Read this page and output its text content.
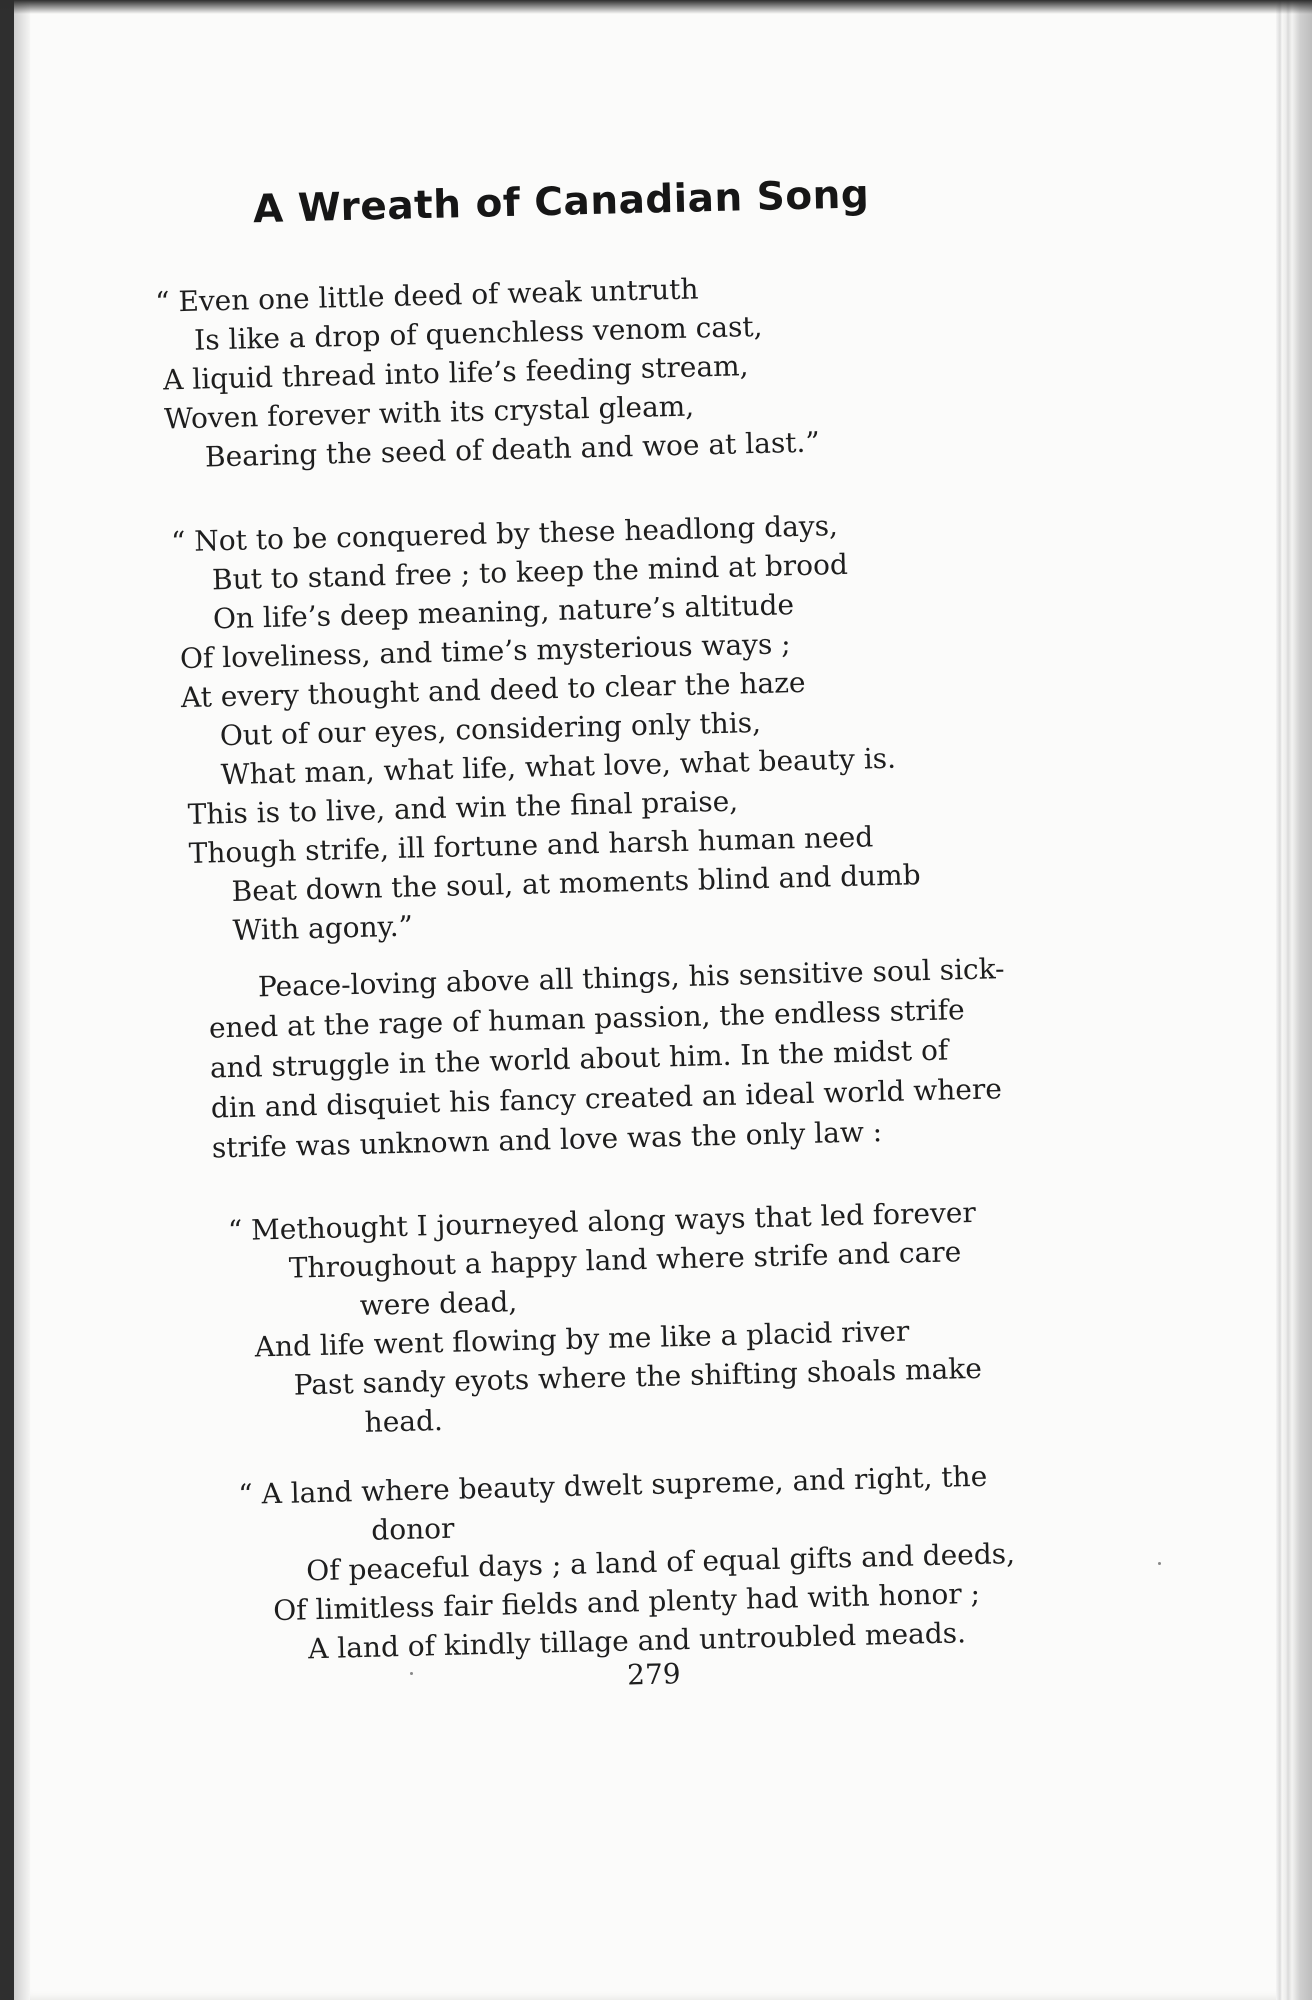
A Wreath of Canadian Song
“ Even one little deed of weak untruth
Is like a drop of quenchless venom cast,
A liquid thread into life’s feeding stream,
Woven forever with its crystal gleam,
Bearing the seed of death and woe at last.”
“ Not to be conquered by these headlong days,
But to stand free ; to keep the mind at brood
On life’s deep meaning, nature’s altitude
Of loveliness, and time’s mysterious ways ;
At every thought and deed to clear the haze
Out of our eyes, considering only this,
What man, what life, what love, what beauty is.
This is to live, and win the final praise,
Though strife, ill fortune and harsh human need
Beat down the soul, at moments blind and dumb
With agony.”
Peace-loving above all things, his sensitive soul sick-
ened at the rage of human passion, the endless strife
and struggle in the world about him. In the midst of
din and disquiet his fancy created an ideal world where
strife was unknown and love was the only law :
“ Methought I journeyed along ways that led forever
Throughout a happy land where strife and care
were dead,
And life went flowing by me like a placid river
Past sandy eyots where the shifting shoals make
head.
“ A land where beauty dwelt supreme, and right, the
donor
Of peaceful days ; a land of equal gifts and deeds,
Of limitless fair fields and plenty had with honor ;
A land of kindly tillage and untroubled meads.
279
